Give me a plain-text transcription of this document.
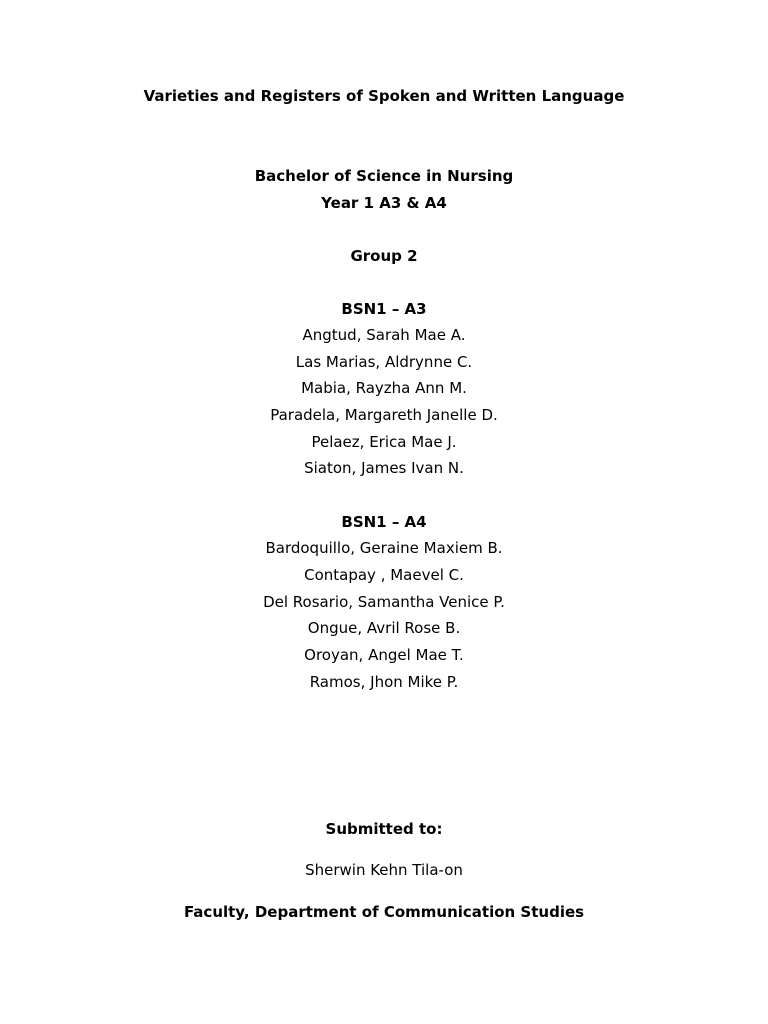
Varieties and Registers of Spoken and Written Language
Bachelor of Science in Nursing
Year 1 A3 & A4
Group 2
BSN1 – A3
Angtud, Sarah Mae A.
Las Marias, Aldrynne C.
Mabia, Rayzha Ann M.
Paradela, Margareth Janelle D.
Pelaez, Erica Mae J.
Siaton, James Ivan N.
BSN1 – A4
Bardoquillo, Geraine Maxiem B.
Contapay , Maevel C.
Del Rosario, Samantha Venice P.
Ongue, Avril Rose B.
Oroyan, Angel Mae T.
Ramos, Jhon Mike P.
Submitted to:
Sherwin Kehn Tila-on
Faculty, Department of Communication Studies
